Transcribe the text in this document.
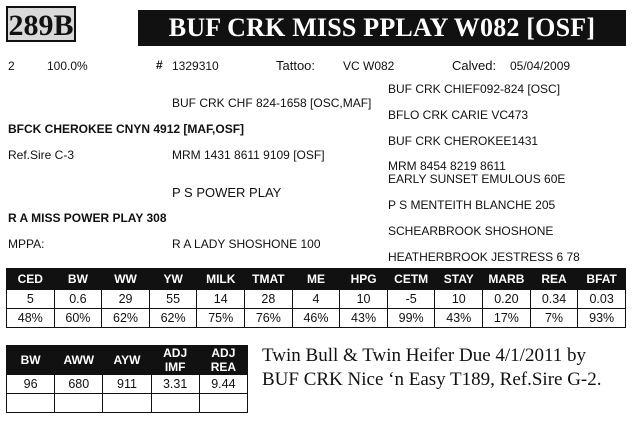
289B	BUF CRK MISS PPLAY W082 [OSF]
2	100.0%	# 1329310	Tattoo: VC W082	Calved: 05/04/2009
BUF CRK CHIEF092-824 [OSC]
BUF CRK CHF 824-1658 [OSC,MAF]
BFLO CRK CARIE VC473
BFCK CHEROKEE CNYN 4912 [MAF,OSF]
BUF CRK CHEROKEE1431
Ref.Sire C-3	MRM 1431 8611 9109 [OSF]
MRM 8454 8219 8611
EARLY SUNSET EMULOUS 60E
P S POWER PLAY
P S MENTEITH BLANCHE 205
R A MISS POWER PLAY 308
SCHEARBROOK SHOSHONE
MPPA:	R A LADY SHOSHONE 100
HEATHERBROOK JESTRESS 6 78
CED	BW	WW	YW	MILK	TMAT	ME	HPG	CETM	STAY	MARB	REA	BFAT
5	0.6	29	55	14	28	4	10	-5	10	0.20	0.34	0.03
48%	60%	62%	62%	75%	76%	46%	43%	99%	43%	17%	7%	93%
BW	AWW	AYW	ADJ IMF	ADJ REA
96	680	911	3.31	9.44

Twin Bull & Twin Heifer Due 4/1/2011 by BUF CRK Nice ‘n Easy T189, Ref.Sire G-2.
